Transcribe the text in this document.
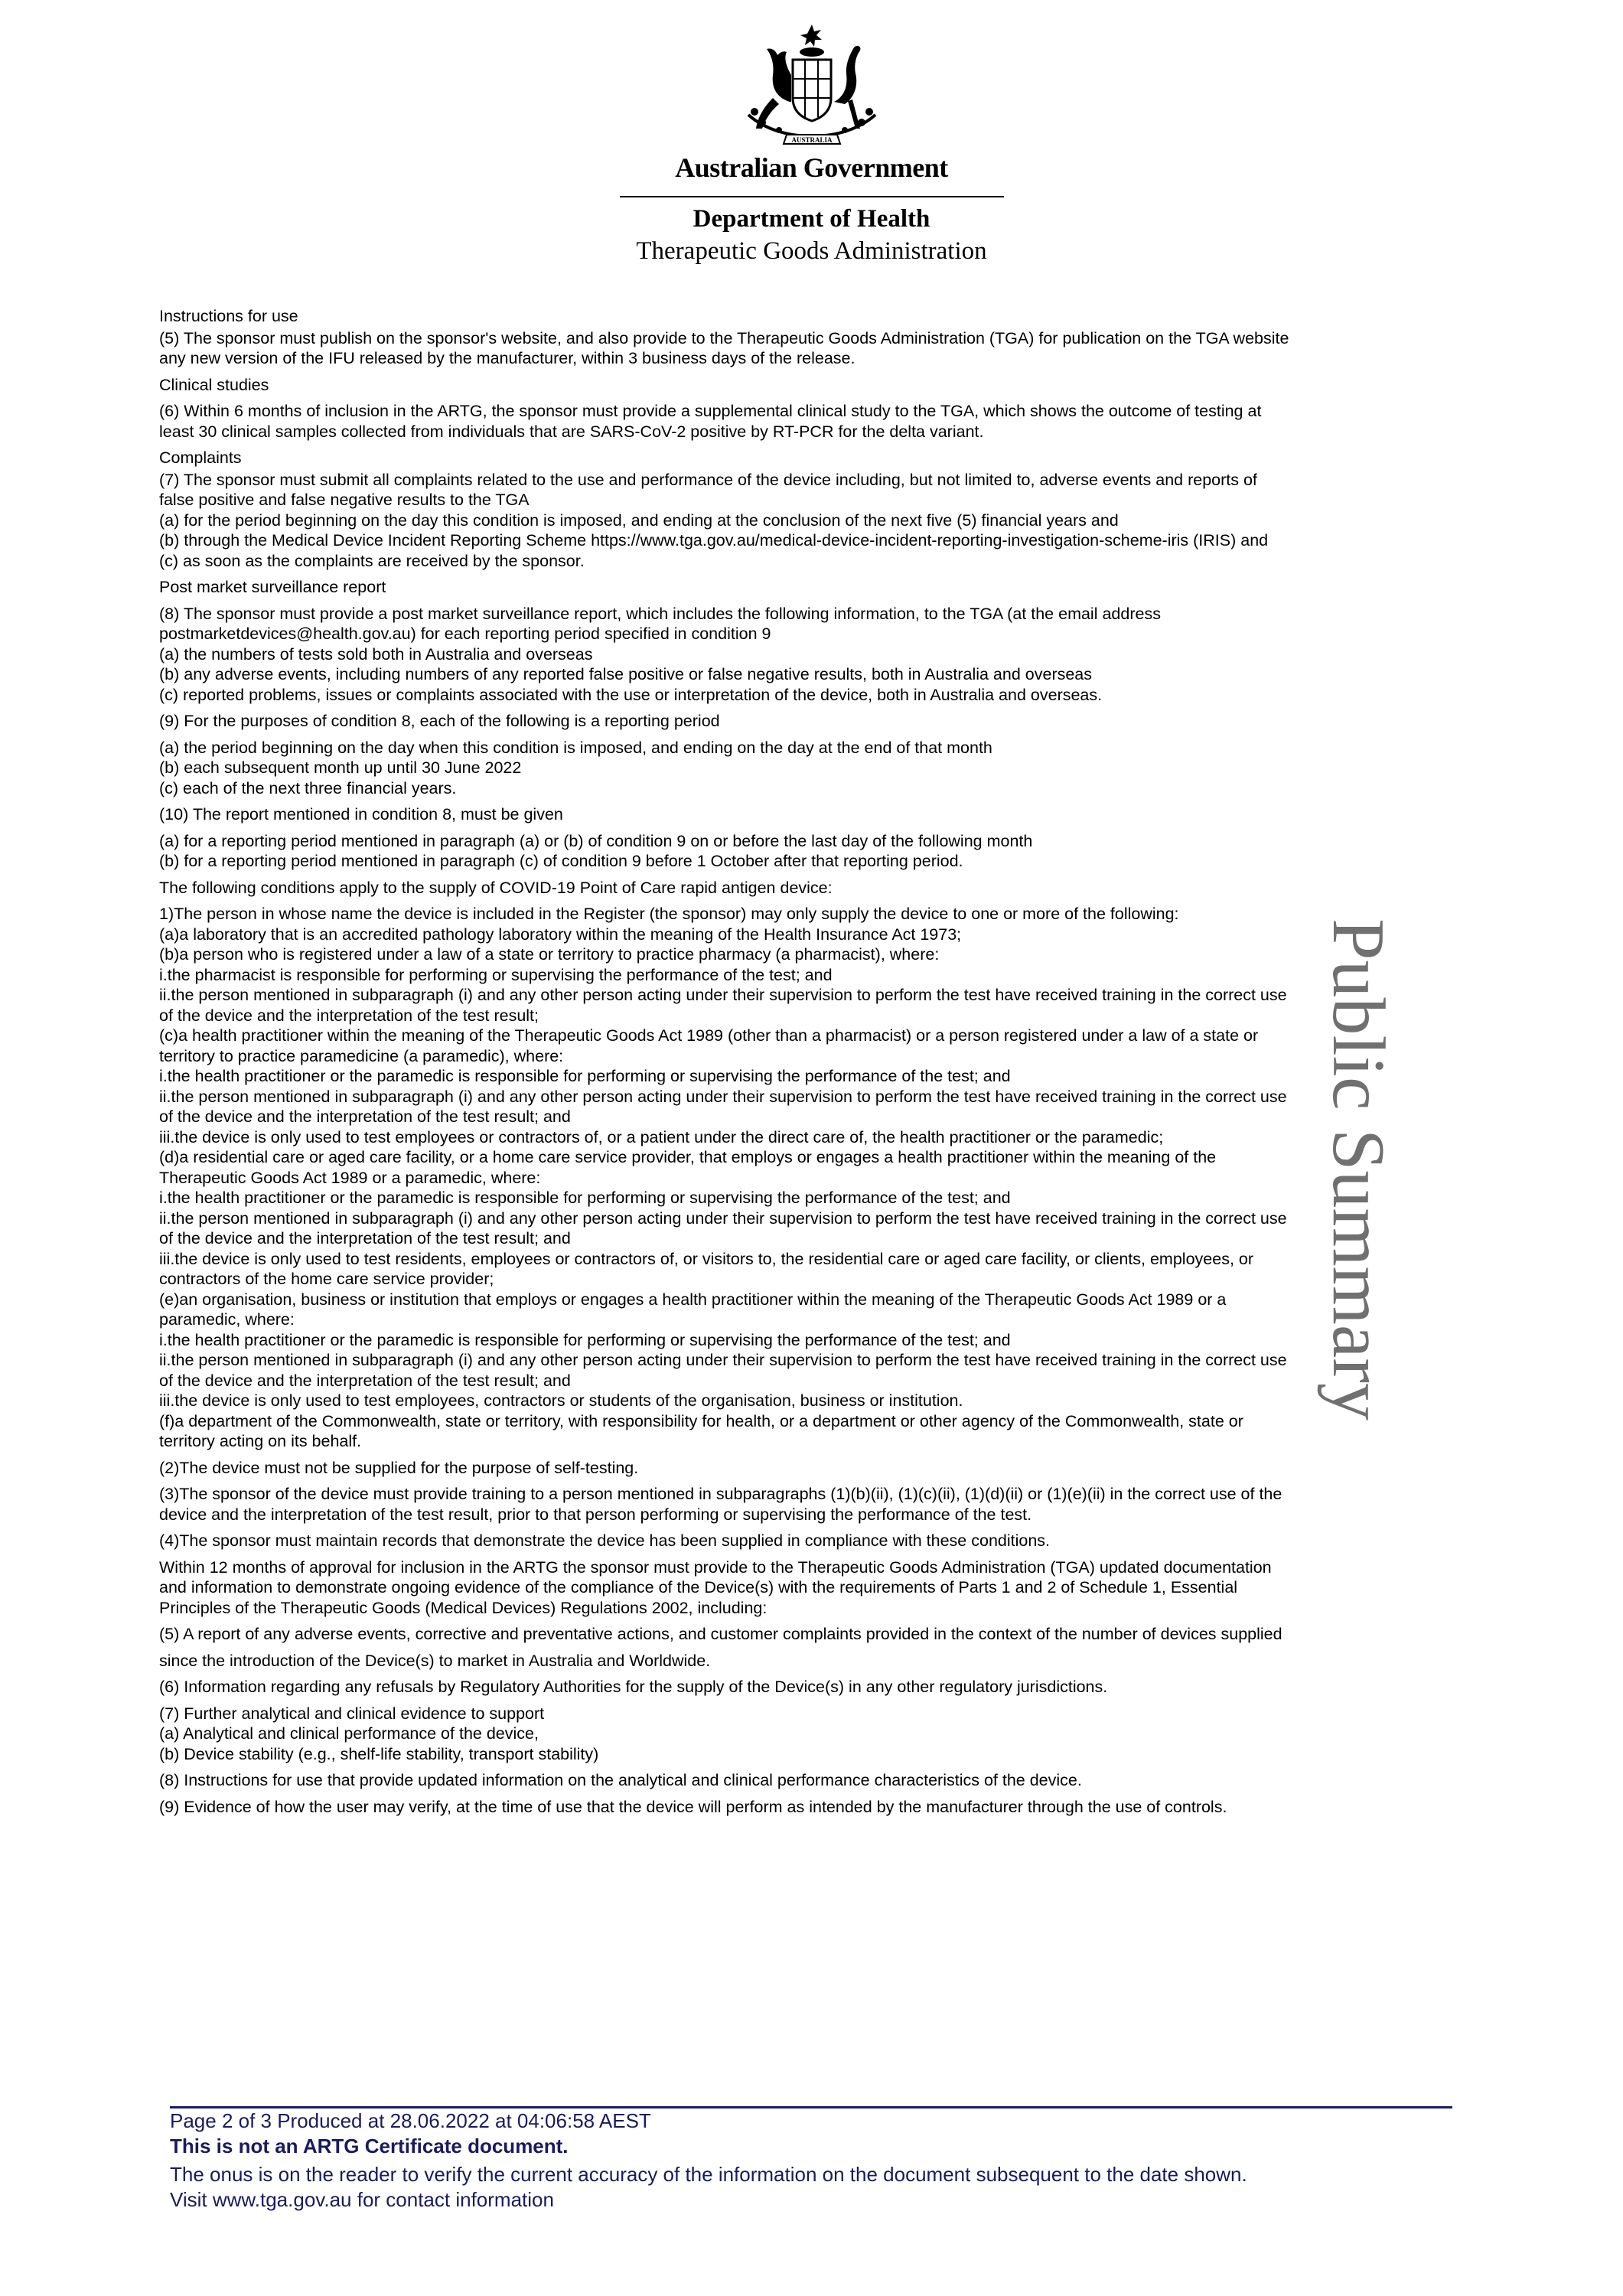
AUSTRALIA
Australian Government
Department of Health
Therapeutic Goods Administration
Public Summary
Instructions for use
(5) The sponsor must publish on the sponsor's website, and also provide to the Therapeutic Goods Administration (TGA) for publication on the TGA website
any new version of the IFU released by the manufacturer, within 3 business days of the release.
Clinical studies
(6) Within 6 months of inclusion in the ARTG, the sponsor must provide a supplemental clinical study to the TGA, which shows the outcome of testing at
least 30 clinical samples collected from individuals that are SARS-CoV-2 positive by RT-PCR for the delta variant.
Complaints
(7) The sponsor must submit all complaints related to the use and performance of the device including, but not limited to, adverse events and reports of
false positive and false negative results to the TGA
(a) for the period beginning on the day this condition is imposed, and ending at the conclusion of the next five (5) financial years and
(b) through the Medical Device Incident Reporting Scheme https://www.tga.gov.au/medical-device-incident-reporting-investigation-scheme-iris (IRIS) and
(c) as soon as the complaints are received by the sponsor.
Post market surveillance report
(8) The sponsor must provide a post market surveillance report, which includes the following information, to the TGA (at the email address
postmarketdevices@health.gov.au) for each reporting period specified in condition 9
(a) the numbers of tests sold both in Australia and overseas
(b) any adverse events, including numbers of any reported false positive or false negative results, both in Australia and overseas
(c) reported problems, issues or complaints associated with the use or interpretation of the device, both in Australia and overseas.
(9) For the purposes of condition 8, each of the following is a reporting period
(a) the period beginning on the day when this condition is imposed, and ending on the day at the end of that month
(b) each subsequent month up until 30 June 2022
(c) each of the next three financial years.
(10) The report mentioned in condition 8, must be given
(a) for a reporting period mentioned in paragraph (a) or (b) of condition 9 on or before the last day of the following month
(b) for a reporting period mentioned in paragraph (c) of condition 9 before 1 October after that reporting period.
The following conditions apply to the supply of COVID-19 Point of Care rapid antigen device:
1)The person in whose name the device is included in the Register (the sponsor) may only supply the device to one or more of the following:
(a)a laboratory that is an accredited pathology laboratory within the meaning of the Health Insurance Act 1973;
(b)a person who is registered under a law of a state or territory to practice pharmacy (a pharmacist), where:
i.the pharmacist is responsible for performing or supervising the performance of the test; and
ii.the person mentioned in subparagraph (i) and any other person acting under their supervision to perform the test have received training in the correct use
of the device and the interpretation of the test result;
(c)a health practitioner within the meaning of the Therapeutic Goods Act 1989 (other than a pharmacist) or a person registered under a law of a state or
territory to practice paramedicine (a paramedic), where:
i.the health practitioner or the paramedic is responsible for performing or supervising the performance of the test; and
ii.the person mentioned in subparagraph (i) and any other person acting under their supervision to perform the test have received training in the correct use
of the device and the interpretation of the test result; and
iii.the device is only used to test employees or contractors of, or a patient under the direct care of, the health practitioner or the paramedic;
(d)a residential care or aged care facility, or a home care service provider, that employs or engages a health practitioner within the meaning of the
Therapeutic Goods Act 1989 or a paramedic, where:
i.the health practitioner or the paramedic is responsible for performing or supervising the performance of the test; and
ii.the person mentioned in subparagraph (i) and any other person acting under their supervision to perform the test have received training in the correct use
of the device and the interpretation of the test result; and
iii.the device is only used to test residents, employees or contractors of, or visitors to, the residential care or aged care facility, or clients, employees, or
contractors of the home care service provider;
(e)an organisation, business or institution that employs or engages a health practitioner within the meaning of the Therapeutic Goods Act 1989 or a
paramedic, where:
i.the health practitioner or the paramedic is responsible for performing or supervising the performance of the test; and
ii.the person mentioned in subparagraph (i) and any other person acting under their supervision to perform the test have received training in the correct use
of the device and the interpretation of the test result; and
iii.the device is only used to test employees, contractors or students of the organisation, business or institution.
(f)a department of the Commonwealth, state or territory, with responsibility for health, or a department or other agency of the Commonwealth, state or
territory acting on its behalf.
(2)The device must not be supplied for the purpose of self-testing.
(3)The sponsor of the device must provide training to a person mentioned in subparagraphs (1)(b)(ii), (1)(c)(ii), (1)(d)(ii) or (1)(e)(ii) in the correct use of the
device and the interpretation of the test result, prior to that person performing or supervising the performance of the test.
(4)The sponsor must maintain records that demonstrate the device has been supplied in compliance with these conditions.
Within 12 months of approval for inclusion in the ARTG the sponsor must provide to the Therapeutic Goods Administration (TGA) updated documentation
and information to demonstrate ongoing evidence of the compliance of the Device(s) with the requirements of Parts 1 and 2 of Schedule 1, Essential
Principles of the Therapeutic Goods (Medical Devices) Regulations 2002, including:
(5) A report of any adverse events, corrective and preventative actions, and customer complaints provided in the context of the number of devices supplied
since the introduction of the Device(s) to market in Australia and Worldwide.
(6) Information regarding any refusals by Regulatory Authorities for the supply of the Device(s) in any other regulatory jurisdictions.
(7) Further analytical and clinical evidence to support
(a) Analytical and clinical performance of the device,
(b) Device stability (e.g., shelf-life stability, transport stability)
(8) Instructions for use that provide updated information on the analytical and clinical performance characteristics of the device.
(9) Evidence of how the user may verify, at the time of use that the device will perform as intended by the manufacturer through the use of controls.
Page 2 of 3 Produced at 28.06.2022 at 04:06:58 AEST
This is not an ARTG Certificate document.
The onus is on the reader to verify the current accuracy of the information on the document subsequent to the date shown.
Visit www.tga.gov.au for contact information
